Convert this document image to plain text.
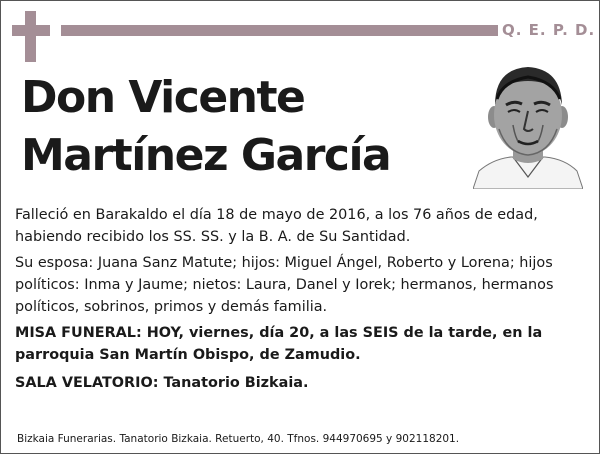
Q. E. P. D.
Don Vicente
Martínez García

Falleció en Barakaldo el día 18 de mayo de 2016, a los 76 años de edad, habiendo recibido los SS. SS. y la B. A. de Su Santidad.

Su esposa: Juana Sanz Matute; hijos: Miguel Ángel, Roberto y Lorena; hijos políticos: Inma y Jaume; nietos: Laura, Danel y Iorek; hermanos, hermanos políticos, sobrinos, primos y demás familia.

MISA FUNERAL: HOY, viernes, día 20, a las SEIS de la tarde, en la parroquia San Martín Obispo, de Zamudio.

SALA VELATORIO: Tanatorio Bizkaia.

Bizkaia Funerarias. Tanatorio Bizkaia. Retuerto, 40. Tfnos. 944970695 y 902118201.
